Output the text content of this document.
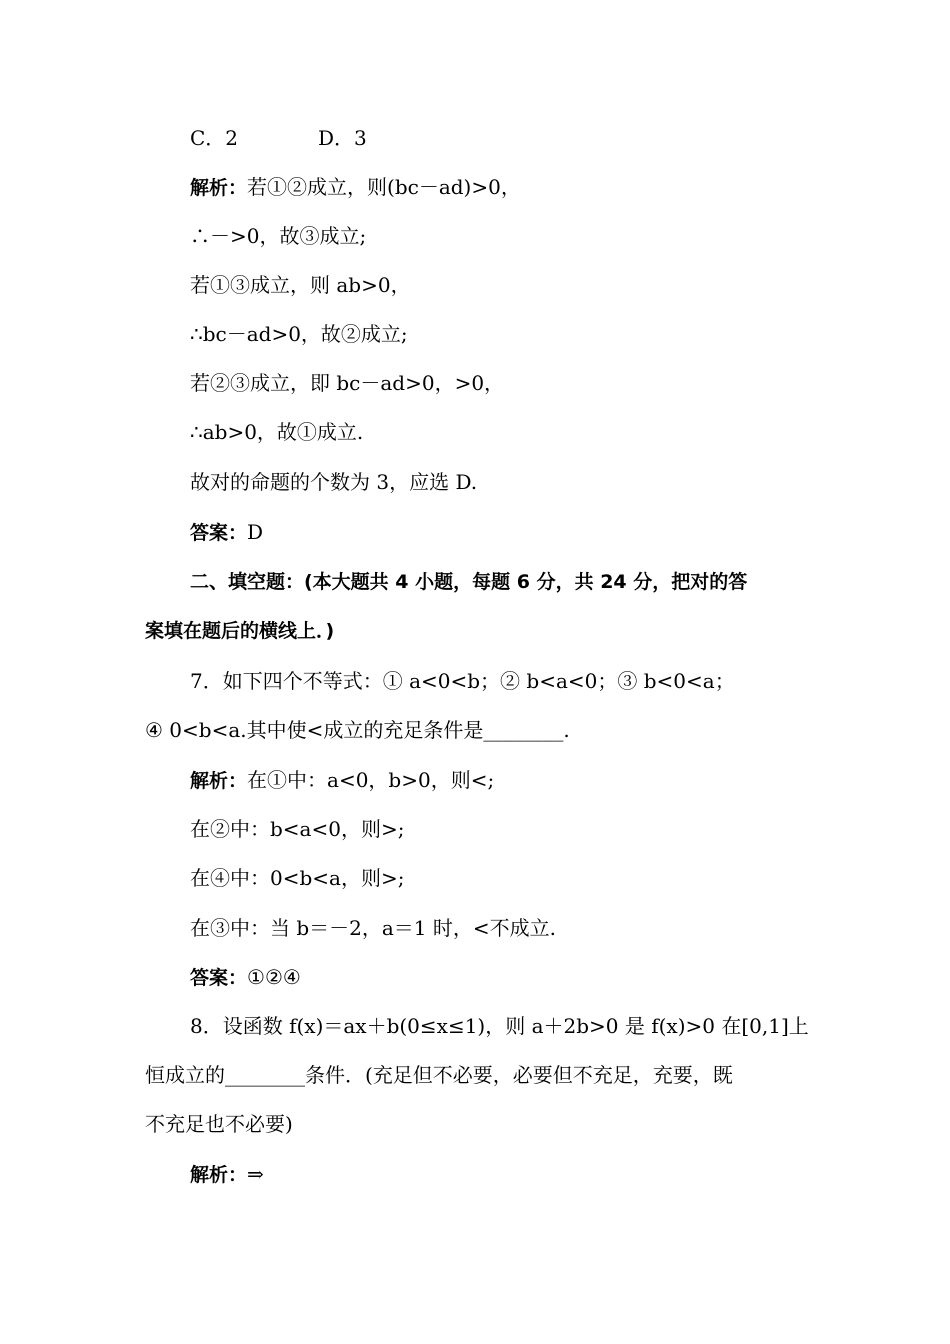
C．2　　　　D．3
解析：若①②成立，则(bc－ad)>0，
∴－>0，故③成立;
若①③成立，则 ab>0，
∴bc－ad>0，故②成立;
若②③成立，即 bc－ad>0，>0，
∴ab>0，故①成立.
故对的命题的个数为 3，应选 D.
答案：D
二、填空题：(本大题共 4 小题，每题 6 分，共 24 分，把对的答
案填在题后的横线上．)
7．如下四个不等式：① a<0<b；② b<a<0；③ b<0<a；
④ 0<b<a.其中使<成立的充足条件是________.
解析：在①中：a<0，b>0，则<;
在②中：b<a<0，则>;
在④中：0<b<a，则>;
在③中：当 b＝－2，a＝1 时，<不成立.
答案：①②④
8．设函数 f(x)＝ax＋b(0≤x≤1)，则 a＋2b>0 是 f(x)>0 在[0,1]上
恒成立的________条件．(充足但不必要，必要但不充足，充要，既
不充足也不必要)
解析：⇒
